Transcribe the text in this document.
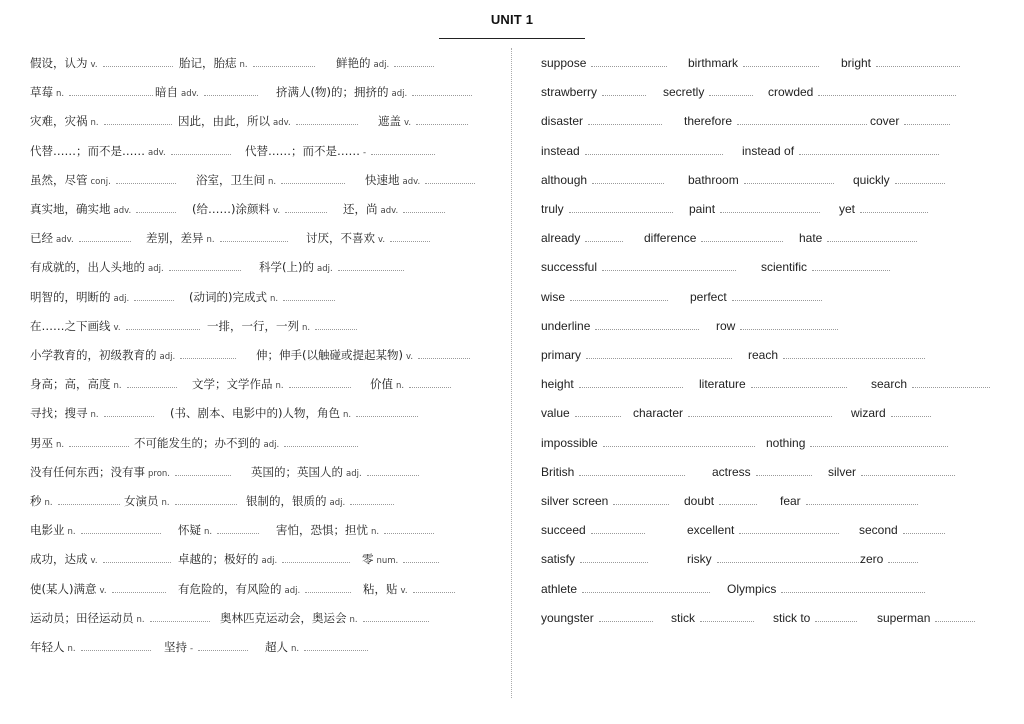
UNIT 1
假设，认为 v.	胎记，胎痣 n.	鲜艳的 adj.
草莓 n.	暗自 adv.	挤满人(物)的；拥挤的 adj.
灾难，灾祸 n.	因此，由此，所以 adv.	遮盖 v.
代替……；而不是…… adv.	代替……；而不是…… -
虽然，尽管 conj.	浴室，卫生间 n.	快速地 adv.
真实地，确实地 adv.	(给……)涂颜料 v.	还，尚 adv.
已经 adv.	差别，差异 n.	讨厌，不喜欢 v.
有成就的，出人头地的 adj.	科学(上)的 adj.
明智的，明断的 adj.	(动词的)完成式 n.
在……之下画线 v.	一排，一行，一列 n.
小学教育的，初级教育的 adj.	伸；伸手(以触碰或提起某物) v.
身高；高，高度 n.	文学；文学作品 n.	价值 n.
寻找；搜寻 n.	(书、剧本、电影中的)人物，角色 n.
男巫 n.	不可能发生的；办不到的 adj.
没有任何东西；没有事 pron.	英国的；英国人的 adj.
秒 n.	女演员 n.	银制的，银质的 adj.
电影业 n.	怀疑 n.	害怕，恐惧；担忧 n.
成功，达成 v.	卓越的；极好的 adj.	零 num.
使(某人)满意 v.	有危险的，有风险的 adj.	粘，贴 v.
运动员；田径运动员 n.	奥林匹克运动会，奥运会 n.
年轻人 n.	坚持 -	超人 n.
suppose	birthmark	bright
strawberry	secretly	crowded
disaster	therefore	cover
instead	instead of
although	bathroom	quickly
truly	paint	yet
already	difference	hate
successful	scientific
wise	perfect
underline	row
primary	reach
height	literature	search
value	character	wizard
impossible	nothing
British	actress	silver
silver screen	doubt	fear
succeed	excellent	second
satisfy	risky	zero
athlete	Olympics
youngster	stick	stick to	superman
